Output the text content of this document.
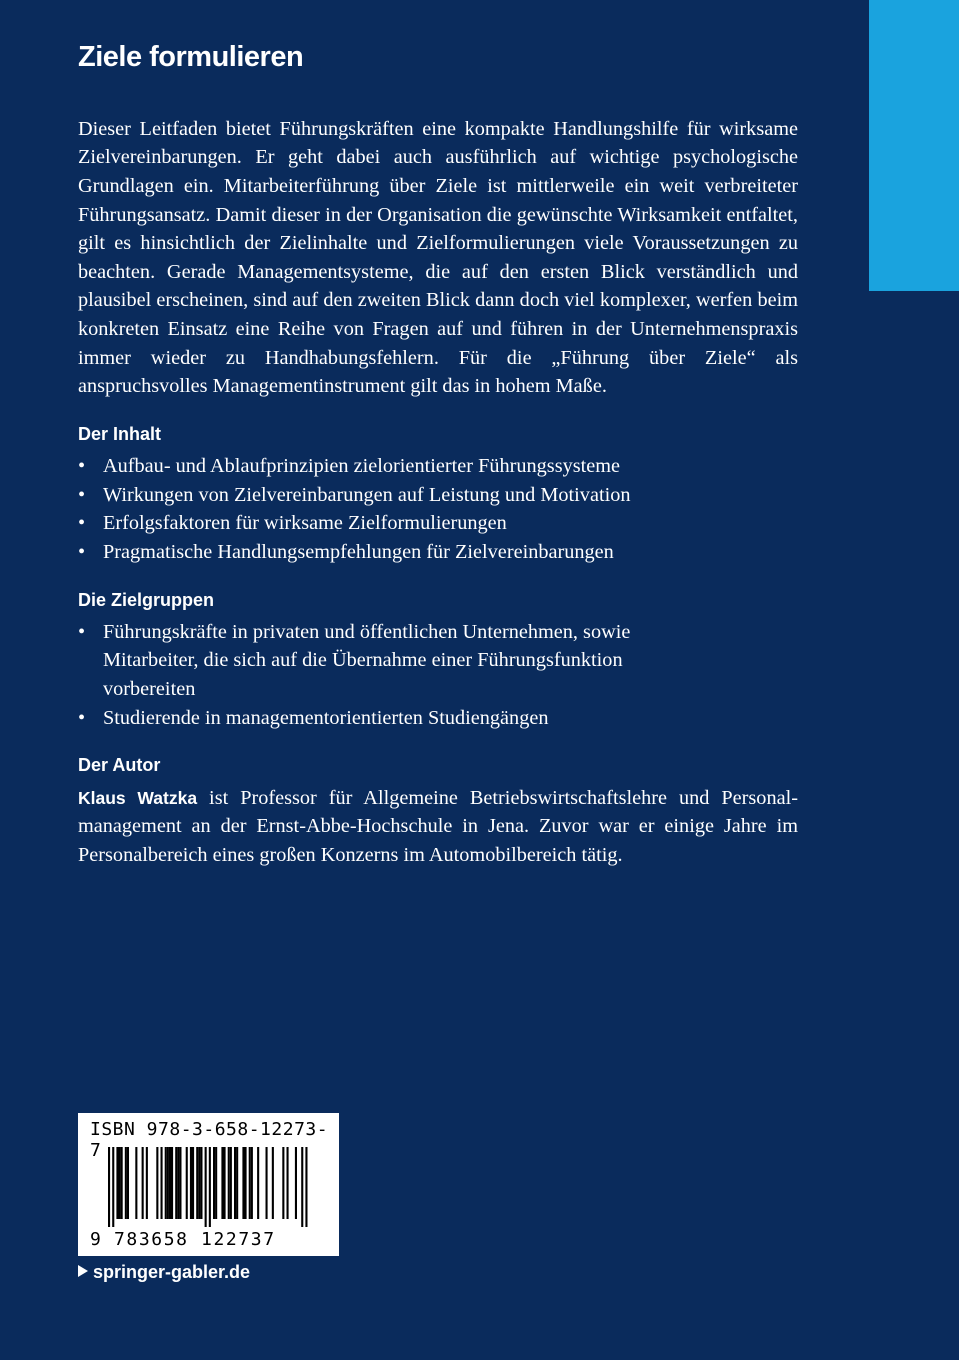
Ziele formulieren

Dieser Leitfaden bietet Führungskräften eine kompakte Handlungshilfe für wirksame Zielvereinbarungen. Er geht dabei auch ausführlich auf wichtige psychologische Grundlagen ein. Mitarbeiterführung über Ziele ist mittlerweile ein weit verbreiteter Führungsansatz. Damit dieser in der Organisation die gewünschte Wirksamkeit entfaltet, gilt es hinsichtlich der Zielinhalte und Zielformulierungen viele Voraussetzungen zu beachten. Gerade Managementsysteme, die auf den ersten Blick verständlich und plausibel erscheinen, sind auf den zweiten Blick dann doch viel komplexer, werfen beim konkreten Einsatz eine Reihe von Fragen auf und führen in der Unternehmenspraxis immer wieder zu Handhabungsfehlern. Für die „Führung über Ziele“ als anspruchsvolles Managementinstrument gilt das in hohem Maße.

Der Inhalt
• Aufbau- und Ablaufprinzipien zielorientierter Führungssysteme
• Wirkungen von Zielvereinbarungen auf Leistung und Motivation
• Erfolgsfaktoren für wirksame Zielformulierungen
• Pragmatische Handlungsempfehlungen für Zielvereinbarungen
Die Zielgruppen
• Führungskräfte in privaten und öffentlichen Unternehmen, sowie Mitarbeiter, die sich auf die Übernahme einer Führungsfunktion vorbereiten
• Studierende in managementorientierten Studiengängen
Der Autor

Klaus Watzka ist Professor für Allgemeine Betriebswirtschaftslehre und Personalmanagement an der Ernst-Abbe-Hochschule in Jena. Zuvor war er einige Jahre im Personalbereich eines großen Konzerns im Automobilbereich tätig.

ISBN 978-3-658-12273-7
9 783658 122737
springer-gabler.de
